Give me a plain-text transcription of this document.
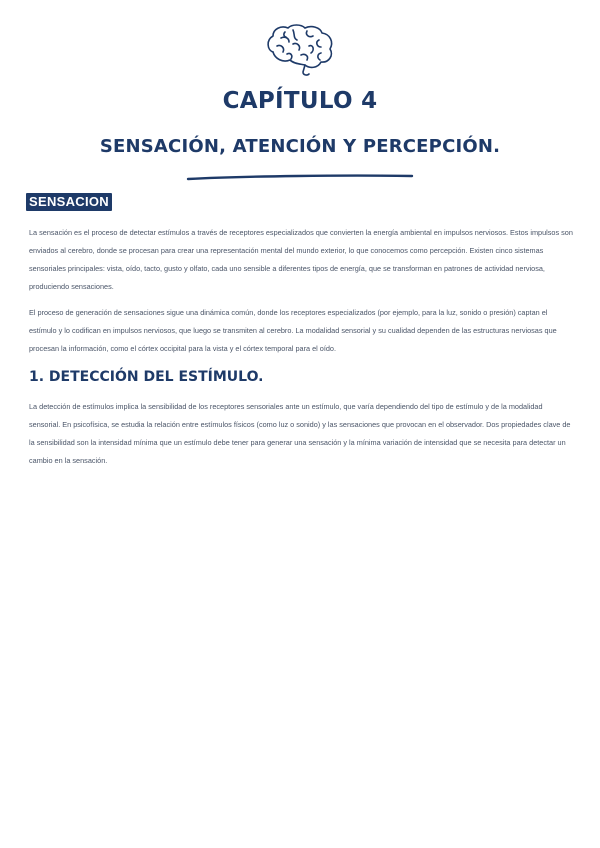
CAPÍTULO 4
SENSACIÓN, ATENCIÓN Y PERCEPCIÓN.
SENSACION
La sensación es el proceso de detectar estímulos a través de receptores especializados que convierten la energía ambiental en impulsos nerviosos. Estos impulsos son enviados al cerebro, donde se procesan para crear una representación mental del mundo exterior, lo que conocemos como percepción. Existen cinco sistemas sensoriales principales: vista, oído, tacto, gusto y olfato, cada uno sensible a diferentes tipos de energía, que se transforman en patrones de actividad nerviosa, produciendo sensaciones.
El proceso de generación de sensaciones sigue una dinámica común, donde los receptores especializados (por ejemplo, para la luz, sonido o presión) captan el estímulo y lo codifican en impulsos nerviosos, que luego se transmiten al cerebro. La modalidad sensorial y su cualidad dependen de las estructuras nerviosas que procesan la información, como el córtex occipital para la vista y el córtex temporal para el oído.
1. DETECCIÓN DEL ESTÍMULO.
La detección de estímulos implica la sensibilidad de los receptores sensoriales ante un estímulo, que varía dependiendo del tipo de estímulo y de la modalidad sensorial. En psicofísica, se estudia la relación entre estímulos físicos (como luz o sonido) y las sensaciones que provocan en el observador. Dos propiedades clave de la sensibilidad son la intensidad mínima que un estímulo debe tener para generar una sensación y la mínima variación de intensidad que se necesita para detectar un cambio en la sensación.
